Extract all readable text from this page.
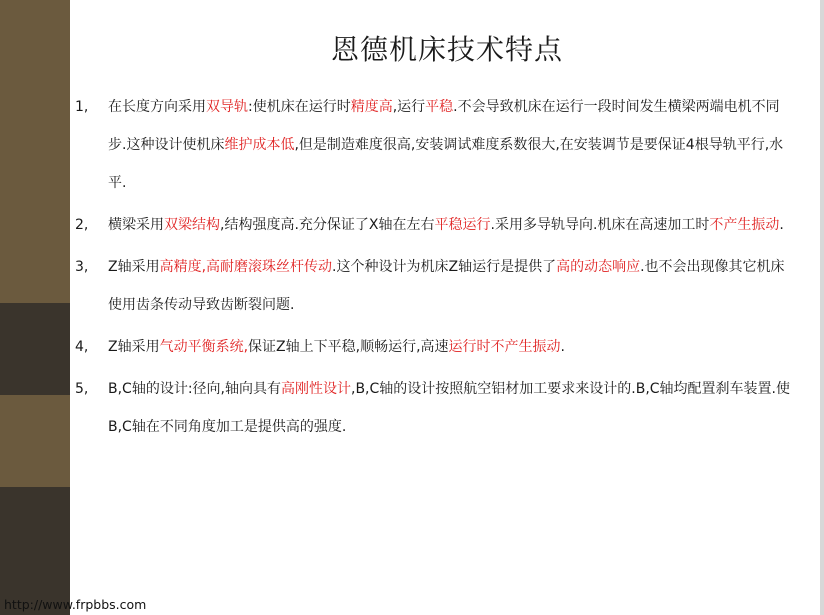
恩德机床技术特点
1, 在长度方向采用双导轨:使机床在运行时精度高,运行平稳.不会导致机床在运行一段时间发生横梁两端电机不同步.这种设计使机床维护成本低,但是制造难度很高,安装调试难度系数很大,在安装调节是要保证4根导轨平行,水平.
2, 横梁采用双梁结构,结构强度高.充分保证了X轴在左右平稳运行.采用多导轨导向.机床在高速加工时不产生振动.
3, Z轴采用高精度,高耐磨滚珠丝杆传动.这个种设计为机床Z轴运行是提供了高的动态响应.也不会出现像其它机床使用齿条传动导致齿断裂问题.
4, Z轴采用气动平衡系统,保证Z轴上下平稳,顺畅运行,高速运行时不产生振动.
5, B,C轴的设计:径向,轴向具有高刚性设计,B,C轴的设计按照航空铝材加工要求来设计的.B,C轴均配置刹车装置.使B,C轴在不同角度加工是提供高的强度.
http://www.frpbbs.com
